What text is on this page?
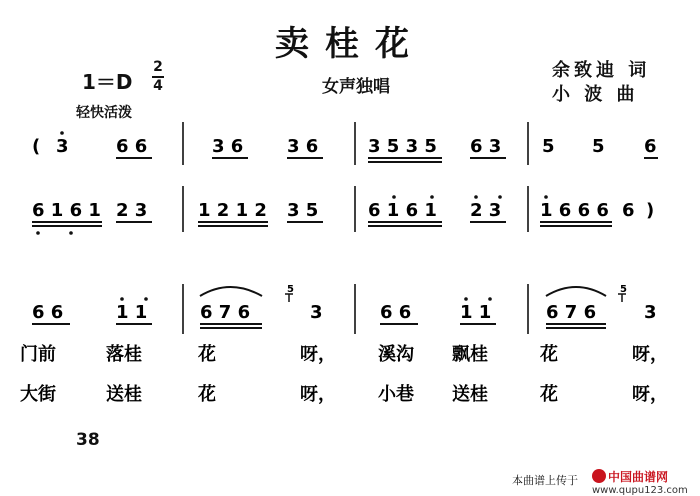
卖桂花
1＝D
2
4
轻快活泼
女声独唱
余致迪 词
小 波 曲
( 3	6 6	3 6 3 6	3 5 3 5 6 3 5 5 6
6 1 6 1 2 3	1 2 1 2 3 5	6 1 6 1 2 3 1 6 6 6 6 )
6 6	1 1	6 7 6
5
3	6 6	1 1	6 7 6
5
3
门前	落桂	花	呀， 溪沟 飘桂	花	呀，
大街	送桂	花	呀， 小巷 送桂	花	呀，
38
本曲谱上传于	中国曲谱网
www.qupu123.com
